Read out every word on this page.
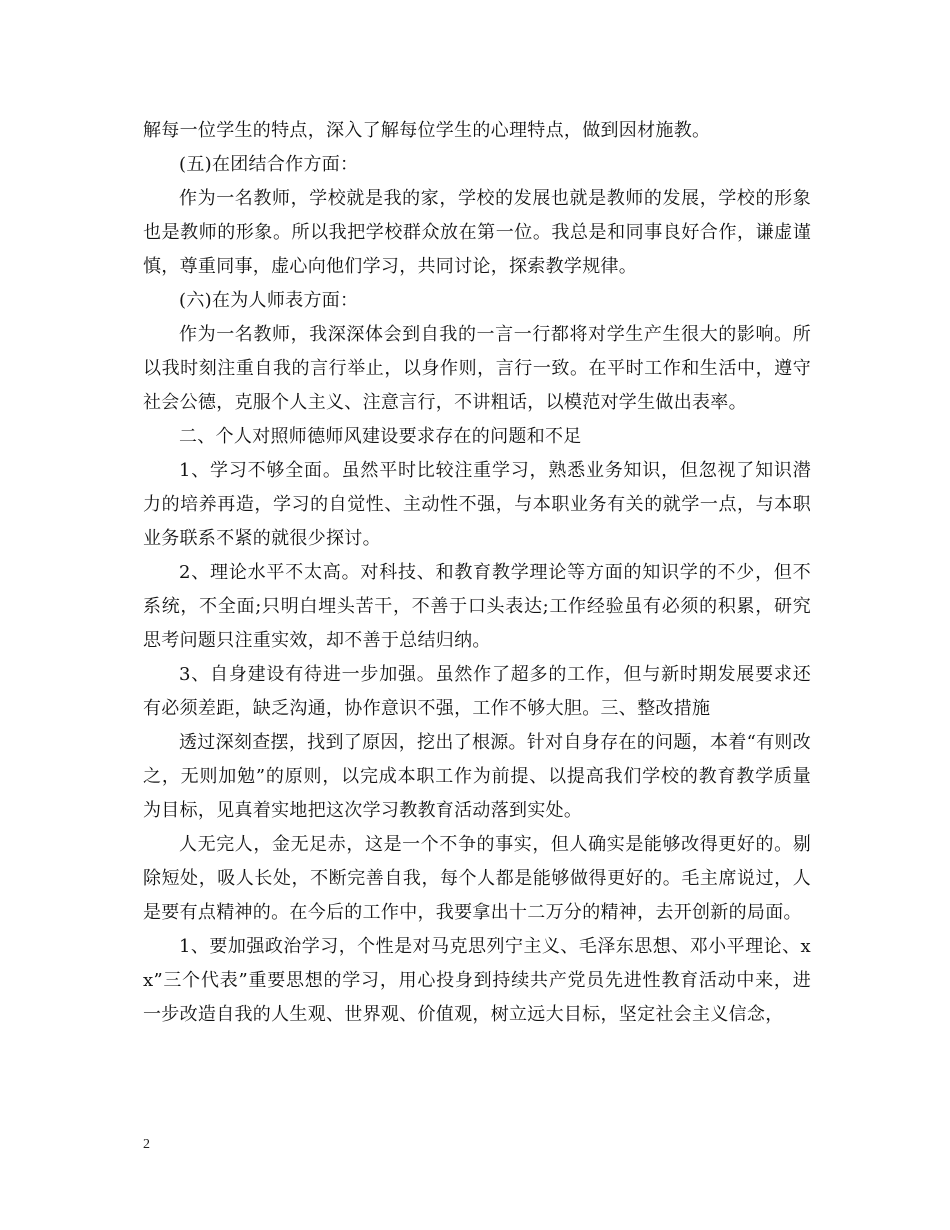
解每一位学生的特点，深入了解每位学生的心理特点，做到因材施教。

(五)在团结合作方面：

作为一名教师，学校就是我的家，学校的发展也就是教师的发展，学校的形象也是教师的形象。所以我把学校群众放在第一位。我总是和同事良好合作，谦虚谨慎，尊重同事，虚心向他们学习，共同讨论，探索教学规律。

(六)在为人师表方面：

作为一名教师，我深深体会到自我的一言一行都将对学生产生很大的影响。所以我时刻注重自我的言行举止，以身作则，言行一致。在平时工作和生活中，遵守社会公德，克服个人主义、注意言行，不讲粗话，以模范对学生做出表率。

二、个人对照师德师风建设要求存在的问题和不足

1、学习不够全面。虽然平时比较注重学习，熟悉业务知识，但忽视了知识潜力的培养再造，学习的自觉性、主动性不强，与本职业务有关的就学一点，与本职业务联系不紧的就很少探讨。

2、理论水平不太高。对科技、和教育教学理论等方面的知识学的不少，但不系统，不全面;只明白埋头苦干，不善于口头表达;工作经验虽有必须的积累，研究思考问题只注重实效，却不善于总结归纳。

3、自身建设有待进一步加强。虽然作了超多的工作，但与新时期发展要求还有必须差距，缺乏沟通，协作意识不强，工作不够大胆。三、整改措施

透过深刻查摆，找到了原因，挖出了根源。针对自身存在的问题，本着“有则改之，无则加勉”的原则，以完成本职工作为前提、以提高我们学校的教育教学质量为目标，见真着实地把这次学习教教育活动落到实处。

人无完人，金无足赤，这是一个不争的事实，但人确实是能够改得更好的。剔除短处，吸人长处，不断完善自我，每个人都是能够做得更好的。毛主席说过，人是要有点精神的。在今后的工作中，我要拿出十二万分的精神，去开创新的局面。

1、要加强政治学习，个性是对马克思列宁主义、毛泽东思想、邓小平理论、xx”三个代表”重要思想的学习，用心投身到持续共产党员先进性教育活动中来，进一步改造自我的人生观、世界观、价值观，树立远大目标，坚定社会主义信念，

2
